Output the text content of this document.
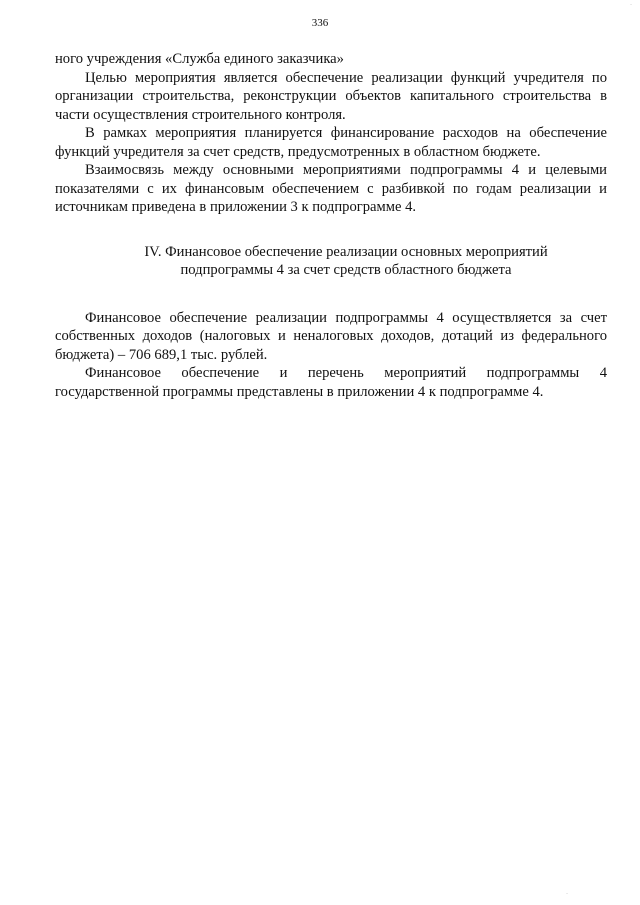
336

ного учреждения «Служба единого заказчика»

Целью мероприятия является обеспечение реализации функций учредителя по организации строительства, реконструкции объектов капитального строительства в части осуществления строительного контроля.

В рамках мероприятия планируется финансирование расходов на обеспечение функций учредителя за счет средств, предусмотренных в областном бюджете.

Взаимосвязь между основными мероприятиями подпрограммы 4 и целевыми показателями с их финансовым обеспечением с разбивкой по годам реализации и источникам приведена в приложении 3 к подпрограмме 4.

IV. Финансовое обеспечение реализации основных мероприятий
подпрограммы 4 за счет средств областного бюджета

Финансовое обеспечение реализации подпрограммы 4 осуществляется за счет собственных доходов (налоговых и неналоговых доходов, дотаций из федерального бюджета) – 706 689,1 тыс. рублей.

Финансовое обеспечение и перечень мероприятий подпрограммы 4 государственной программы представлены в приложении 4 к подпрограмме 4.

˙
˙
